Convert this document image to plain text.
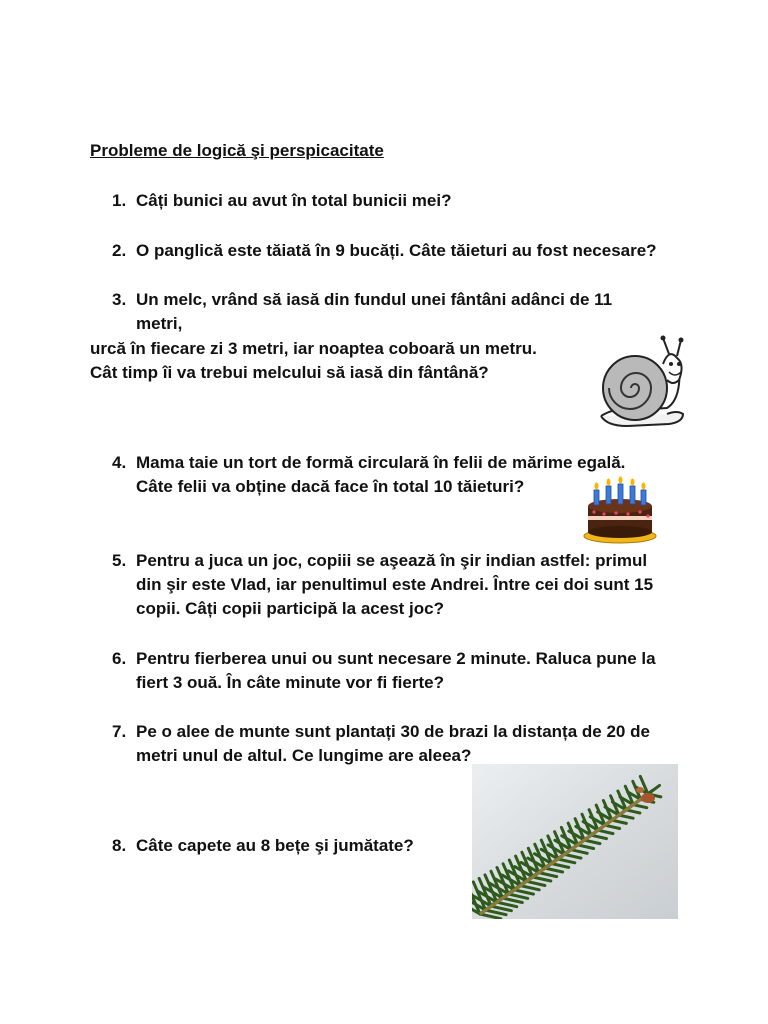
Probleme de logică şi perspicacitate
1. Câți bunici au avut în total bunicii mei?
2. O panglică este tăiată în 9 bucăți. Câte tăieturi au fost necesare?
3. Un melc, vrând să iasă din fundul unei fântâni adânci de 11
metri,
urcă în fiecare zi 3 metri, iar noaptea coboară un metru.
Cât timp îi va trebui melcului să iasă din fântână?
4. Mama taie un tort de formă circulară în felii de mărime egală.
Câte felii va obține dacă face în total 10 tăieturi?
5. Pentru a juca un joc, copiii se aşează în şir indian astfel: primul
din şir este Vlad, iar penultimul este Andrei. Între cei doi sunt 15
copii. Câți copii participă la acest joc?
6. Pentru fierberea unui ou sunt necesare 2 minute. Raluca pune la
fiert 3 ouă. În câte minute vor fi fierte?
7. Pe o alee de munte sunt plantați 30 de brazi la distanța de 20 de
metri unul de altul. Ce lungime are aleea?
8. Câte capete au 8 bețe şi jumătate?
